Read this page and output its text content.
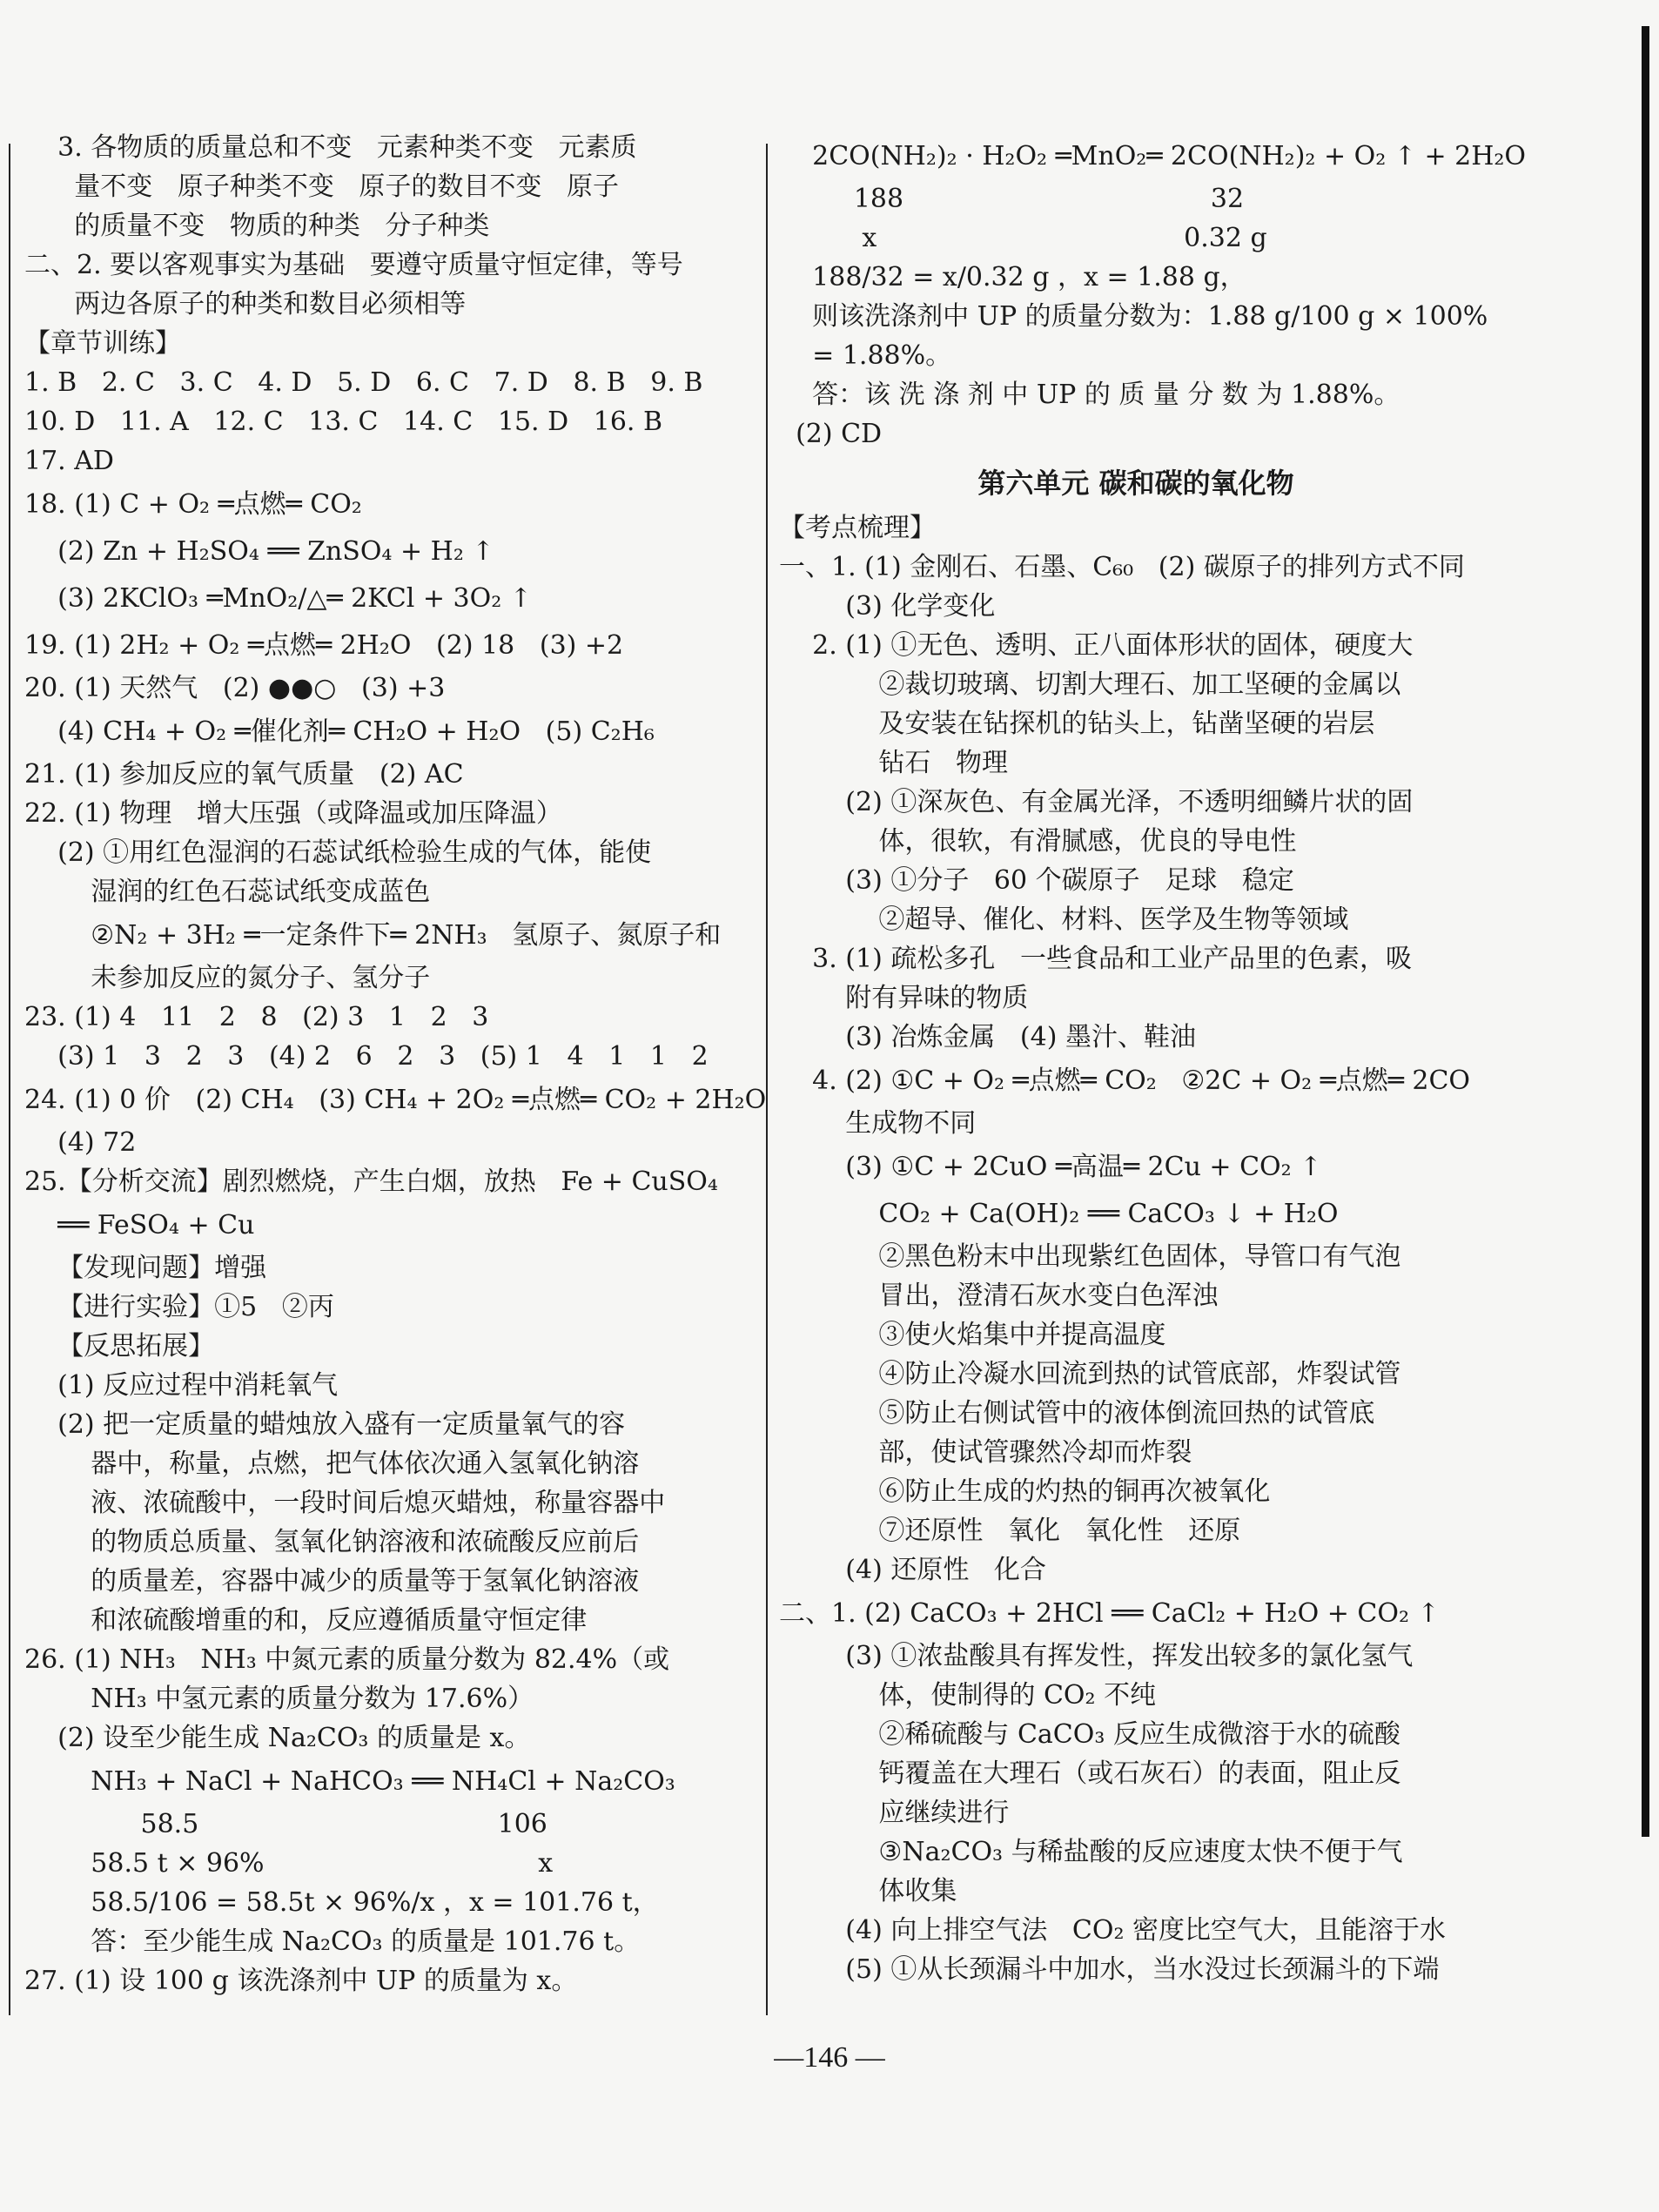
3. 各物质的质量总和不变   元素种类不变   元素质
量不变   原子种类不变   原子的数目不变   原子
的质量不变   物质的种类   分子种类
二、2. 要以客观事实为基础   要遵守质量守恒定律，等号
两边各原子的种类和数目必须相等
【章节训练】
1. B   2. C   3. C   4. D   5. D   6. C   7. D   8. B   9. B
10. D   11. A   12. C   13. C   14. C   15. D   16. B
17. AD
18. (1) C + O₂ ═点燃═ CO₂
(2) Zn + H₂SO₄ ══ ZnSO₄ + H₂ ↑
(3) 2KClO₃ ═MnO₂/△═ 2KCl + 3O₂ ↑
19. (1) 2H₂ + O₂ ═点燃═ 2H₂O   (2) 18   (3) +2
20. (1) 天然气   (2) ●●○   (3) +3
(4) CH₄ + O₂ ═催化剂═ CH₂O + H₂O   (5) C₂H₆
21. (1) 参加反应的氧气质量   (2) AC
22. (1) 物理   增大压强（或降温或加压降温）
(2) ①用红色湿润的石蕊试纸检验生成的气体，能使
湿润的红色石蕊试纸变成蓝色
②N₂ + 3H₂ ═一定条件下═ 2NH₃   氢原子、氮原子和
未参加反应的氮分子、氢分子
23. (1) 4   11   2   8   (2) 3   1   2   3
(3) 1   3   2   3   (4) 2   6   2   3   (5) 1   4   1   1   2
24. (1) 0 价   (2) CH₄   (3) CH₄ + 2O₂ ═点燃═ CO₂ + 2H₂O
(4) 72
25.【分析交流】剧烈燃烧，产生白烟，放热   Fe + CuSO₄
══ FeSO₄ + Cu
【发现问题】增强
【进行实验】①5   ②丙
【反思拓展】
(1) 反应过程中消耗氧气
(2) 把一定质量的蜡烛放入盛有一定质量氧气的容
器中，称量，点燃，把气体依次通入氢氧化钠溶
液、浓硫酸中，一段时间后熄灭蜡烛，称量容器中
的物质总质量、氢氧化钠溶液和浓硫酸反应前后
的质量差，容器中减少的质量等于氢氧化钠溶液
和浓硫酸增重的和，反应遵循质量守恒定律
26. (1) NH₃   NH₃ 中氮元素的质量分数为 82.4%（或
NH₃ 中氢元素的质量分数为 17.6%）
(2) 设至少能生成 Na₂CO₃ 的质量是 x。
NH₃ + NaCl + NaHCO₃ ══ NH₄Cl + Na₂CO₃
58.5                                    106
58.5 t × 96%                                 x
58.5/106 = 58.5t × 96%/x ，x = 101.76 t，
答：至少能生成 Na₂CO₃ 的质量是 101.76 t。
27. (1) 设 100 g 该洗涤剂中 UP 的质量为 x。
2CO(NH₂)₂ · H₂O₂ ═MnO₂═ 2CO(NH₂)₂ + O₂ ↑ + 2H₂O
188                                     32
x                                     0.32 g
188/32 = x/0.32 g ，x = 1.88 g，
则该洗涤剂中 UP 的质量分数为：1.88 g/100 g × 100%
= 1.88%。
答：该 洗 涤 剂 中 UP 的 质 量 分 数 为 1.88%。
(2) CD
第六单元 碳和碳的氧化物
【考点梳理】
一、1. (1) 金刚石、石墨、C₆₀   (2) 碳原子的排列方式不同
(3) 化学变化
2. (1) ①无色、透明、正八面体形状的固体，硬度大
②裁切玻璃、切割大理石、加工坚硬的金属以
及安装在钻探机的钻头上，钻凿坚硬的岩层
钻石   物理
(2) ①深灰色、有金属光泽，不透明细鳞片状的固
体，很软，有滑腻感，优良的导电性
(3) ①分子   60 个碳原子   足球   稳定
②超导、催化、材料、医学及生物等领域
3. (1) 疏松多孔   一些食品和工业产品里的色素，吸
附有异味的物质
(3) 冶炼金属   (4) 墨汁、鞋油
4. (2) ①C + O₂ ═点燃═ CO₂   ②2C + O₂ ═点燃═ 2CO
生成物不同
(3) ①C + 2CuO ═高温═ 2Cu + CO₂ ↑
CO₂ + Ca(OH)₂ ══ CaCO₃ ↓ + H₂O
②黑色粉末中出现紫红色固体，导管口有气泡
冒出，澄清石灰水变白色浑浊
③使火焰集中并提高温度
④防止冷凝水回流到热的试管底部，炸裂试管
⑤防止右侧试管中的液体倒流回热的试管底
部，使试管骤然冷却而炸裂
⑥防止生成的灼热的铜再次被氧化
⑦还原性   氧化   氧化性   还原
(4) 还原性   化合
二、1. (2) CaCO₃ + 2HCl ══ CaCl₂ + H₂O + CO₂ ↑
(3) ①浓盐酸具有挥发性，挥发出较多的氯化氢气
体，使制得的 CO₂ 不纯
②稀硫酸与 CaCO₃ 反应生成微溶于水的硫酸
钙覆盖在大理石（或石灰石）的表面，阻止反
应继续进行
③Na₂CO₃ 与稀盐酸的反应速度太快不便于气
体收集
(4) 向上排空气法   CO₂ 密度比空气大，且能溶于水
(5) ①从长颈漏斗中加水，当水没过长颈漏斗的下端
—146 —
